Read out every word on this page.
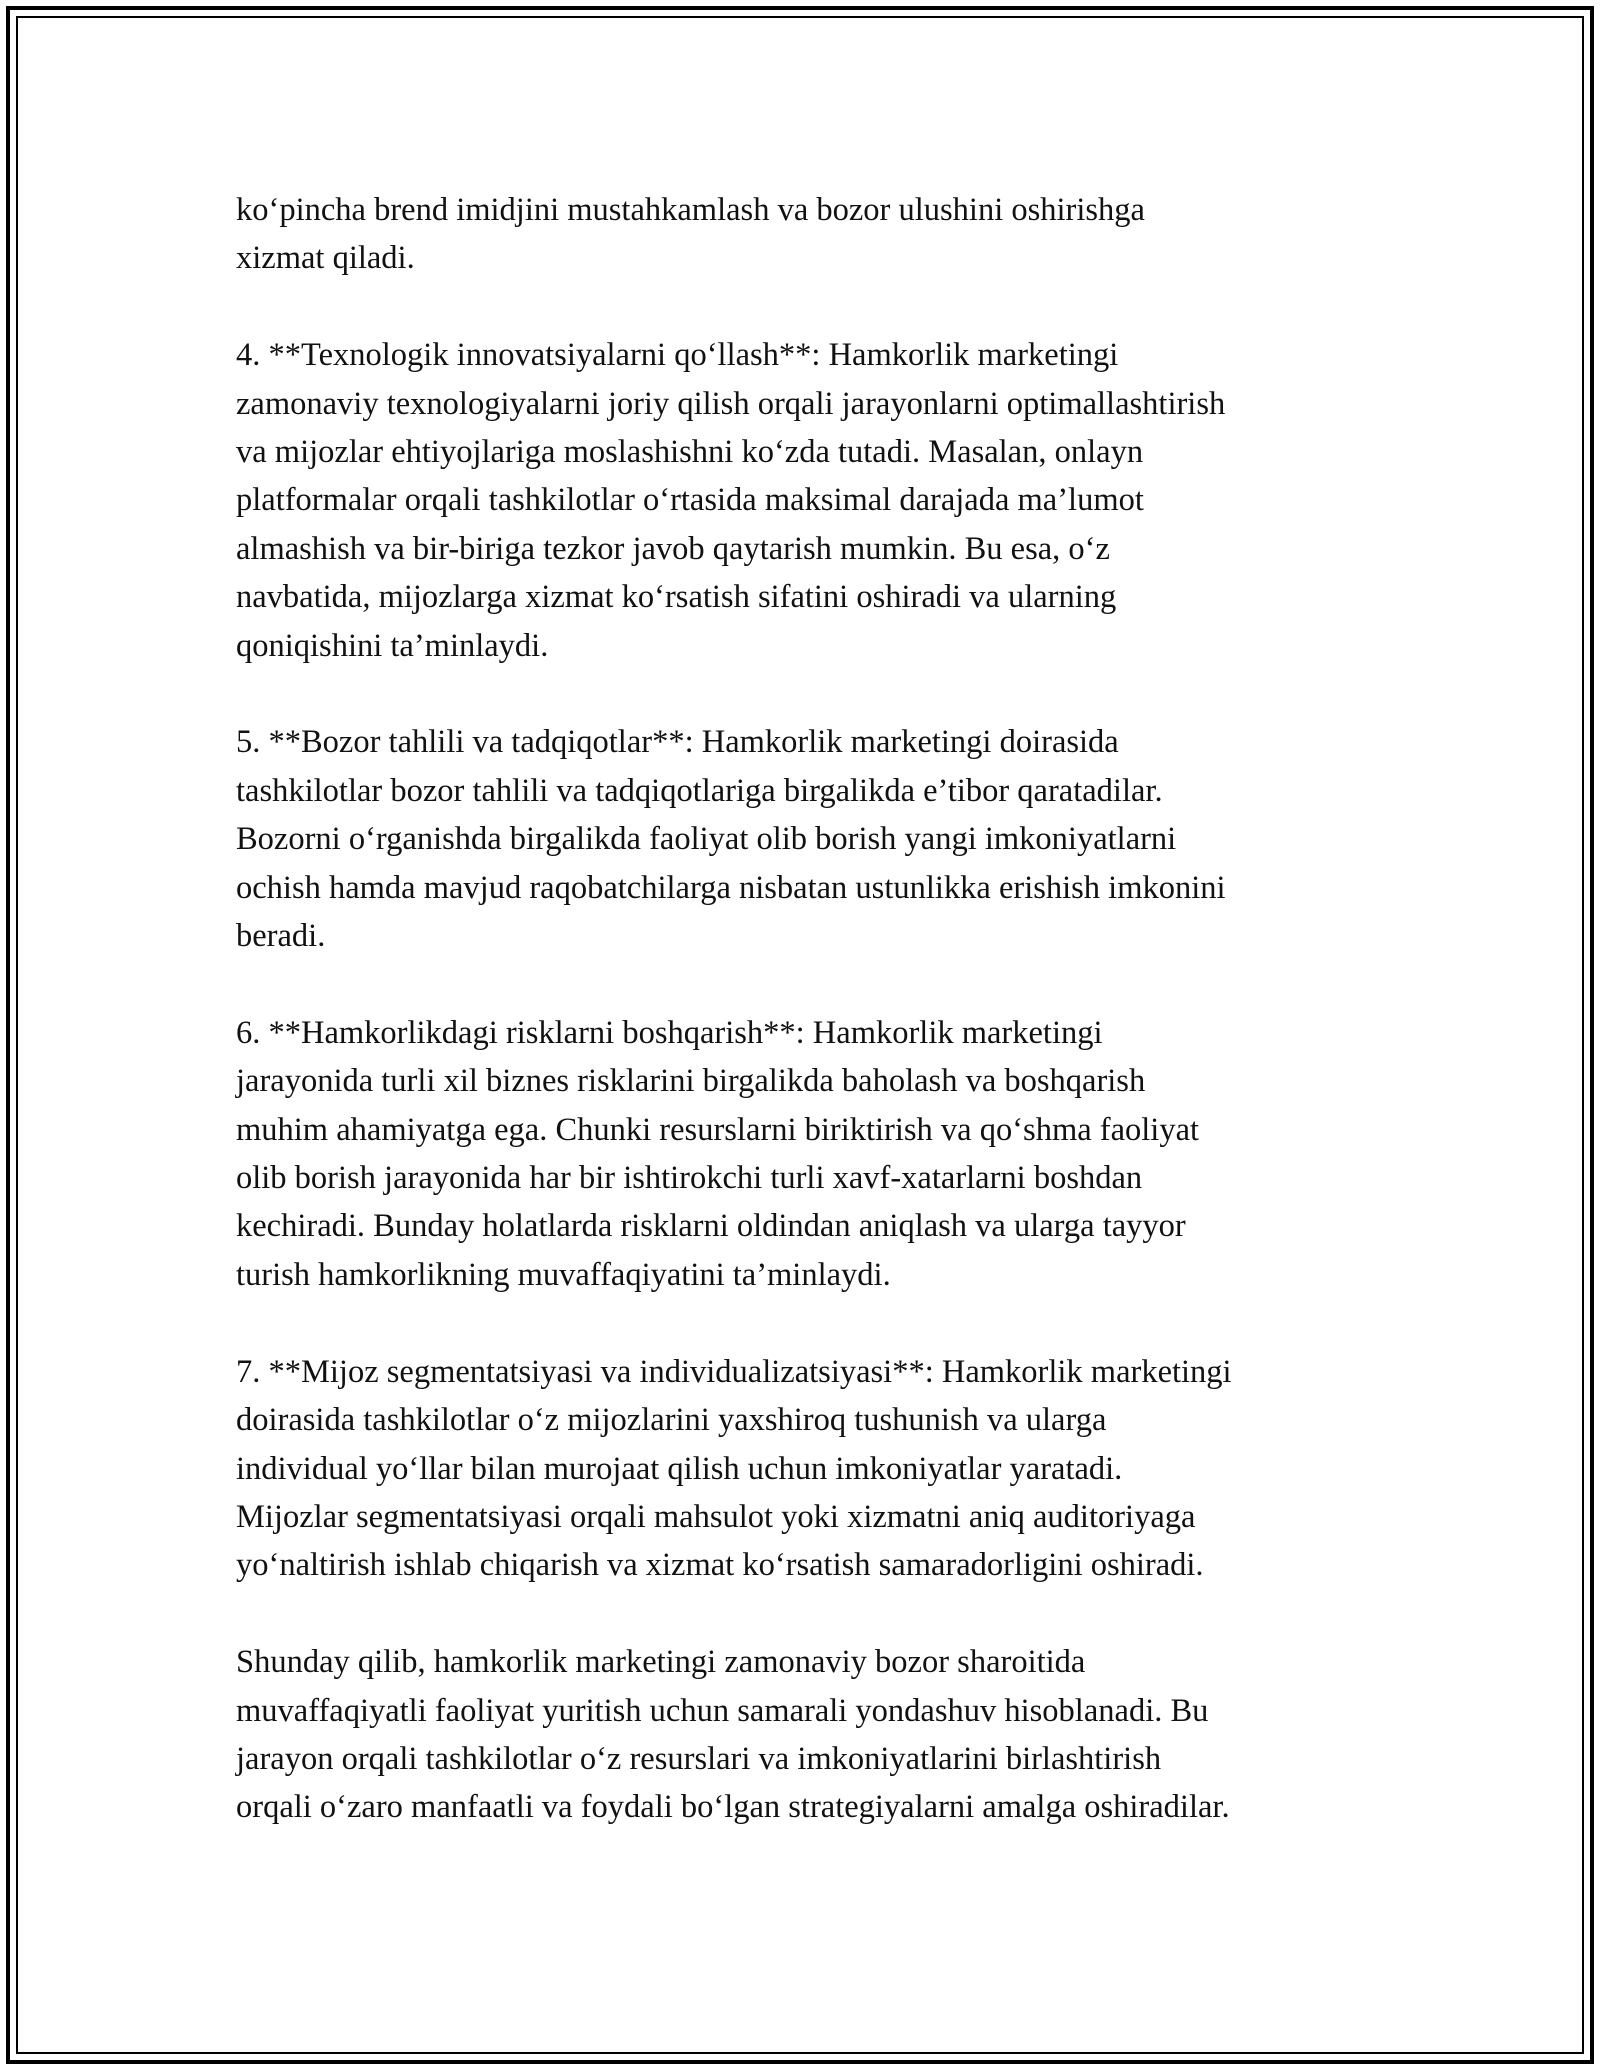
ko‘pincha brend imidjini mustahkamlash va bozor ulushini oshirishga
xizmat qiladi.

4. **Texnologik innovatsiyalarni qo‘llash**: Hamkorlik marketingi
zamonaviy texnologiyalarni joriy qilish orqali jarayonlarni optimallashtirish
va mijozlar ehtiyojlariga moslashishni ko‘zda tutadi. Masalan, onlayn
platformalar orqali tashkilotlar o‘rtasida maksimal darajada ma’lumot
almashish va bir-biriga tezkor javob qaytarish mumkin. Bu esa, o‘z
navbatida, mijozlarga xizmat ko‘rsatish sifatini oshiradi va ularning
qoniqishini ta’minlaydi.

5. **Bozor tahlili va tadqiqotlar**: Hamkorlik marketingi doirasida
tashkilotlar bozor tahlili va tadqiqotlariga birgalikda e’tibor qaratadilar.
Bozorni o‘rganishda birgalikda faoliyat olib borish yangi imkoniyatlarni
ochish hamda mavjud raqobatchilarga nisbatan ustunlikka erishish imkonini
beradi.

6. **Hamkorlikdagi risklarni boshqarish**: Hamkorlik marketingi
jarayonida turli xil biznes risklarini birgalikda baholash va boshqarish
muhim ahamiyatga ega. Chunki resurslarni biriktirish va qo‘shma faoliyat
olib borish jarayonida har bir ishtirokchi turli xavf-xatarlarni boshdan
kechiradi. Bunday holatlarda risklarni oldindan aniqlash va ularga tayyor
turish hamkorlikning muvaffaqiyatini ta’minlaydi.

7. **Mijoz segmentatsiyasi va individualizatsiyasi**: Hamkorlik marketingi
doirasida tashkilotlar o‘z mijozlarini yaxshiroq tushunish va ularga
individual yo‘llar bilan murojaat qilish uchun imkoniyatlar yaratadi.
Mijozlar segmentatsiyasi orqali mahsulot yoki xizmatni aniq auditoriyaga
yo‘naltirish ishlab chiqarish va xizmat ko‘rsatish samaradorligini oshiradi.

Shunday qilib, hamkorlik marketingi zamonaviy bozor sharoitida
muvaffaqiyatli faoliyat yuritish uchun samarali yondashuv hisoblanadi. Bu
jarayon orqali tashkilotlar o‘z resurslari va imkoniyatlarini birlashtirish
orqali o‘zaro manfaatli va foydali bo‘lgan strategiyalarni amalga oshiradilar.
